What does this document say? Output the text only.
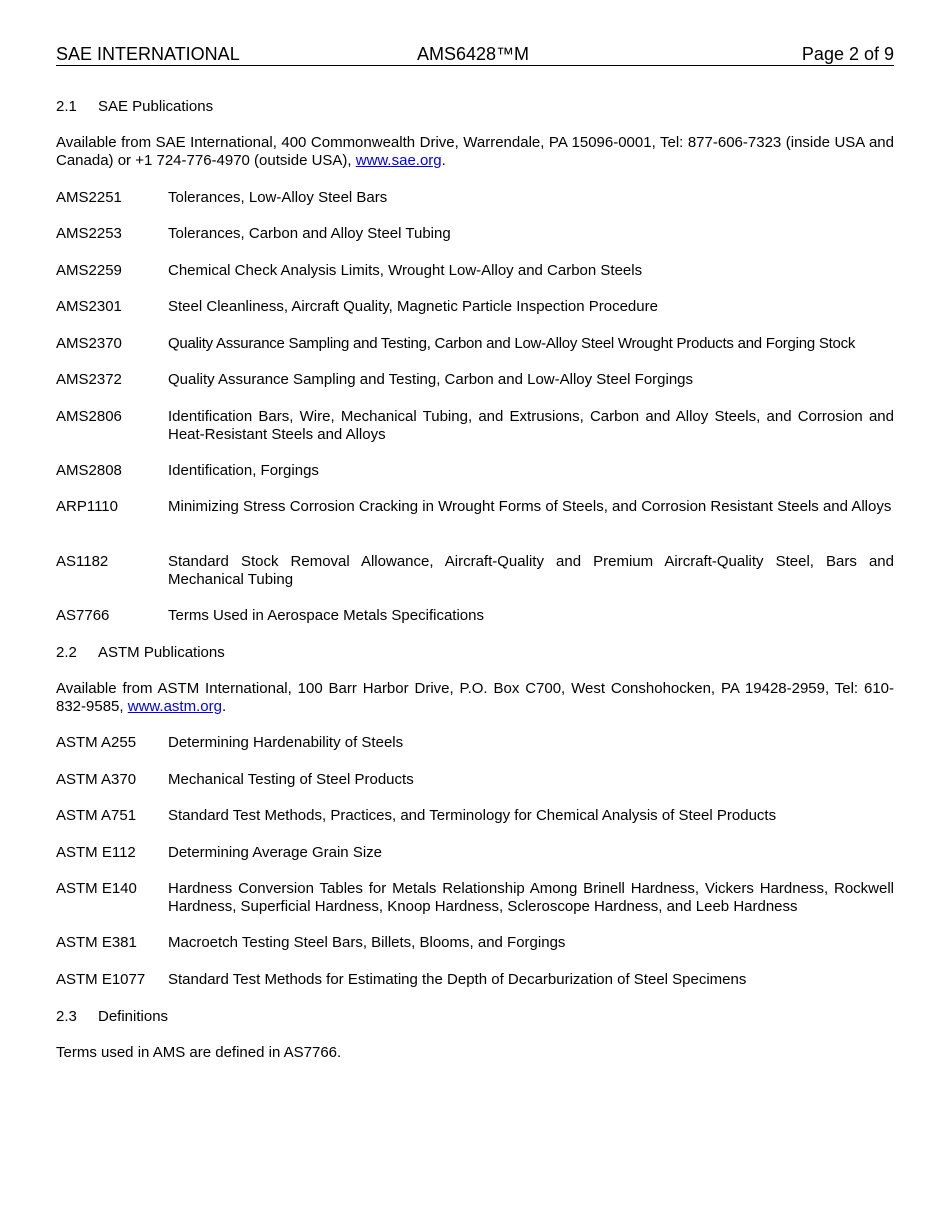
SAE INTERNATIONAL	AMS6428™M	Page 2 of 9
2.1 SAE Publications
Available from SAE International, 400 Commonwealth Drive, Warrendale, PA 15096-0001, Tel: 877-606-7323 (inside USA and Canada) or +1 724-776-4970 (outside USA), www.sae.org.
AMS2251	Tolerances, Low-Alloy Steel Bars
AMS2253	Tolerances, Carbon and Alloy Steel Tubing
AMS2259	Chemical Check Analysis Limits, Wrought Low-Alloy and Carbon Steels
AMS2301	Steel Cleanliness, Aircraft Quality, Magnetic Particle Inspection Procedure
AMS2370	Quality Assurance Sampling and Testing, Carbon and Low-Alloy Steel Wrought Products and Forging Stock
AMS2372	Quality Assurance Sampling and Testing, Carbon and Low-Alloy Steel Forgings
AMS2806	Identification Bars, Wire, Mechanical Tubing, and Extrusions, Carbon and Alloy Steels, and Corrosion and Heat-Resistant Steels and Alloys
AMS2808	Identification, Forgings
ARP1110	Minimizing Stress Corrosion Cracking in Wrought Forms of Steels, and Corrosion Resistant Steels and Alloys
AS1182	Standard Stock Removal Allowance, Aircraft-Quality and Premium Aircraft-Quality Steel, Bars and Mechanical Tubing
AS7766	Terms Used in Aerospace Metals Specifications
2.2 ASTM Publications
Available from ASTM International, 100 Barr Harbor Drive, P.O. Box C700, West Conshohocken, PA 19428-2959, Tel: 610-832-9585, www.astm.org.
ASTM A255	Determining Hardenability of Steels
ASTM A370	Mechanical Testing of Steel Products
ASTM A751	Standard Test Methods, Practices, and Terminology for Chemical Analysis of Steel Products
ASTM E112	Determining Average Grain Size
ASTM E140	Hardness Conversion Tables for Metals Relationship Among Brinell Hardness, Vickers Hardness, Rockwell Hardness, Superficial Hardness, Knoop Hardness, Scleroscope Hardness, and Leeb Hardness
ASTM E381	Macroetch Testing Steel Bars, Billets, Blooms, and Forgings
ASTM E1077	Standard Test Methods for Estimating the Depth of Decarburization of Steel Specimens
2.3 Definitions
Terms used in AMS are defined in AS7766.
